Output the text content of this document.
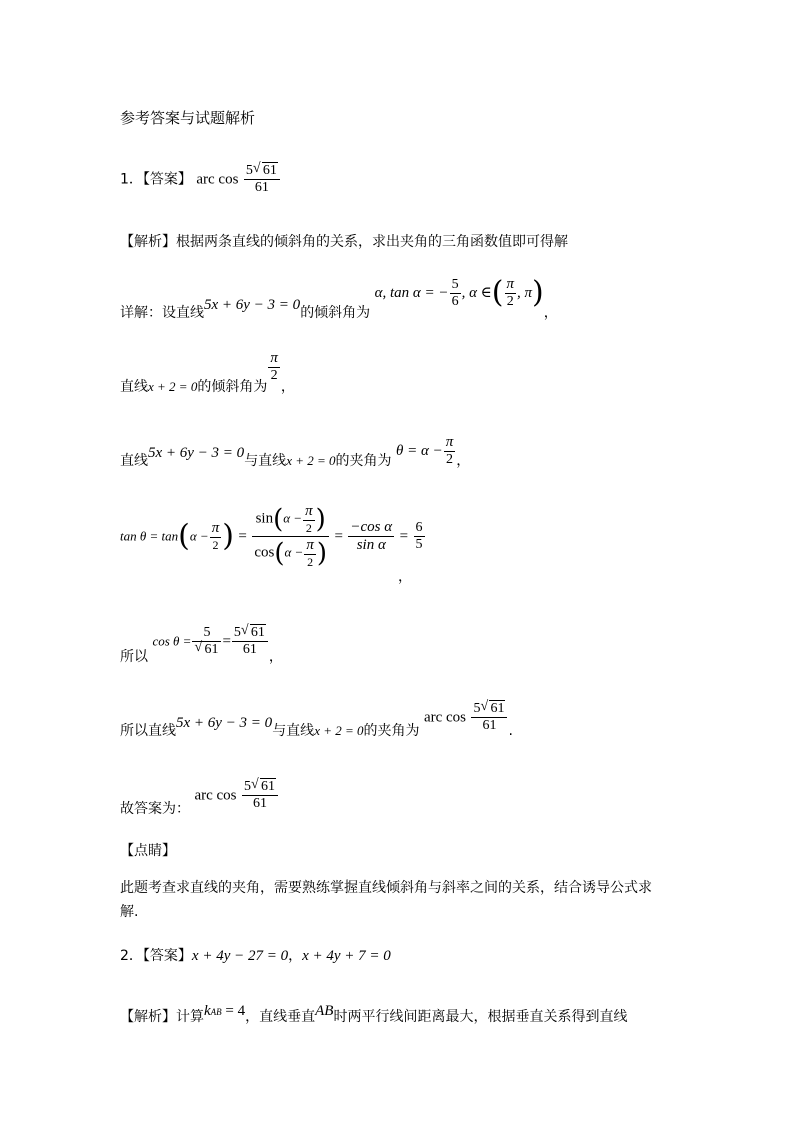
参考答案与试题解析
1．【答案】 arc $\cos \frac{5 √ 61}{61}$
【解析】根据两条直线的倾斜角的关系，求出夹角的三角函数值即可得解
详解：设直线5x + 6y − 3 = 0的倾斜角为 α, tan α = − $\frac{5}{6}$ , α ∈( $\frac{\pi}{2}$ , π)，
直线x + 2 = 0的倾斜角为
$\frac{\pi}{2}$
，
直线5x + 6y − 3 = 0与直线x + 2 = 0的夹角为 $\theta = \alpha - \frac{\pi}{2}$ ，
$\tan \theta = \tan(\alpha - \frac{\pi}{2}$ ) = $\frac{\sin(\alpha - \frac{\pi}{2} )}{\cos(\alpha - \frac{\pi}{2} )} = \frac{\text{−cos α}}{\text{sin α}} = \frac{6}{5}$
，
所以 cos θ = 5
√ $61 = \frac{5 √ 61}{61}$ ，
所以直线5x + 6y − 3 = 0与直线x + 2 = 0的夹角为 arc $\cos \frac{5 √ 61}{61}$ .
故答案为： arc $\cos \frac{5 √ 61}{61}$
【点睛】
此题考查求直线的夹角，需要熟练掌握直线倾斜角与斜率之间的关系，结合诱导公式求
解.
2．【答案】x + 4y − 27 = 0，x + 4y + 7 = 0
【解析】计算kAB = 4，直线垂直AB时两平行线间距离最大，根据垂直关系得到直线
